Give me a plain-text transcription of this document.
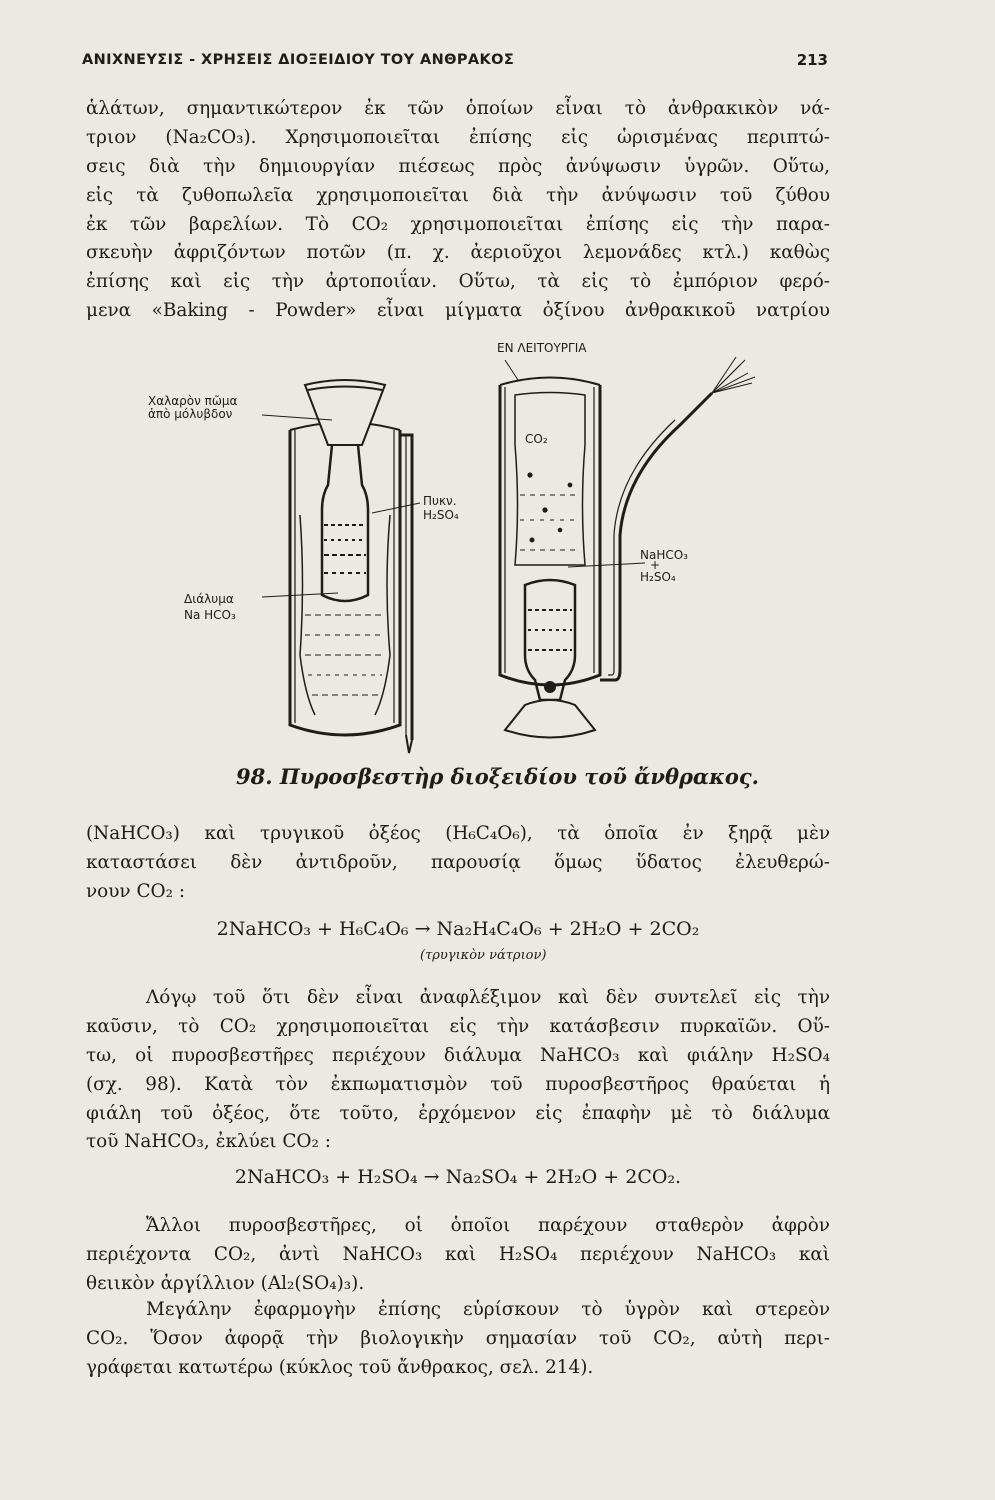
ΑΝΙΧΝΕΥΣΙΣ - ΧΡΗΣΕΙΣ ΔΙΟΞΕΙΔΙΟΥ ΤΟΥ ΑΝΘΡΑΚΟΣ	213
ἁλάτων, σημαντικώτερον ἐκ τῶν ὁποίων εἶναι τὸ ἀνθρακικὸν νά-
τριον (Na₂CO₃). Χρησιμοποιεῖται ἐπίσης εἰς ὡρισμένας περιπτώ-
σεις διὰ τὴν δημιουργίαν πιέσεως πρὸς ἀνύψωσιν ὑγρῶν. Οὕτω,
εἰς τὰ ζυθοπωλεῖα χρησιμοποιεῖται διὰ τὴν ἀνύψωσιν τοῦ ζύθου
ἐκ τῶν βαρελίων. Τὸ CO₂ χρησιμοποιεῖται ἐπίσης εἰς τὴν παρα-
σκευὴν ἀφριζόντων ποτῶν (π. χ. ἀεριοῦχοι λεμονάδες κτλ.) καθὼς
ἐπίσης καὶ εἰς τὴν ἀρτοποιΐαν. Οὕτω, τὰ εἰς τὸ ἐμπόριον φερό-
μενα «Baking - Powder» εἶναι μίγματα ὀξίνου ἀνθρακικοῦ νατρίου
Χαλαρὸν πῶμα
ἀπὸ μόλυβδον
Πυκν.
H₂SO₄
Διάλυμα
Na HCO₃
ΕΝ ΛΕΙΤΟΥΡΓΙΑ
CO₂
NaHCO₃
+
H₂SO₄
98. Πυροσβεστὴρ διοξειδίου τοῦ ἄνθρακος.
(NaHCO₃) καὶ τρυγικοῦ ὀξέος (H₆C₄O₆), τὰ ὁποῖα ἐν ξηρᾷ μὲν
καταστάσει δὲν ἀντιδροῦν, παρουσίᾳ ὅμως ὕδατος ἐλευθερώ-
νουν CO₂ :
2NaHCO₃ + H₆C₄O₆ → Na₂H₄C₄O₆ + 2H₂O + 2CO₂
(τρυγικὸν νάτριον)
Λόγῳ τοῦ ὅτι δὲν εἶναι ἀναφλέξιμον καὶ δὲν συντελεῖ εἰς τὴν
καῦσιν, τὸ CO₂ χρησιμοποιεῖται εἰς τὴν κατάσβεσιν πυρκαϊῶν. Οὕ-
τω, οἱ πυροσβεστῆρες περιέχουν διάλυμα NaHCO₃ καὶ φιάλην H₂SO₄
(σχ. 98). Κατὰ τὸν ἐκπωματισμὸν τοῦ πυροσβεστῆρος θραύεται ἡ
φιάλη τοῦ ὀξέος, ὅτε τοῦτο, ἐρχόμενον εἰς ἐπαφὴν μὲ τὸ διάλυμα
τοῦ NaHCO₃, ἐκλύει CO₂ :
2NaHCO₃ + H₂SO₄ → Na₂SO₄ + 2H₂O + 2CO₂.
Ἄλλοι πυροσβεστῆρες, οἱ ὁποῖοι παρέχουν σταθερὸν ἀφρὸν
περιέχοντα CO₂, ἀντὶ NaHCO₃ καὶ H₂SO₄ περιέχουν NaHCO₃ καὶ
θειικὸν ἀργίλλιον (Al₂(SO₄)₃).
Μεγάλην ἐφαρμογὴν ἐπίσης εὑρίσκουν τὸ ὑγρὸν καὶ στερεὸν
CO₂. Ὅσον ἀφορᾷ τὴν βιολογικὴν σημασίαν τοῦ CO₂, αὐτὴ περι-
γράφεται κατωτέρω (κύκλος τοῦ ἄνθρακος, σελ. 214).
